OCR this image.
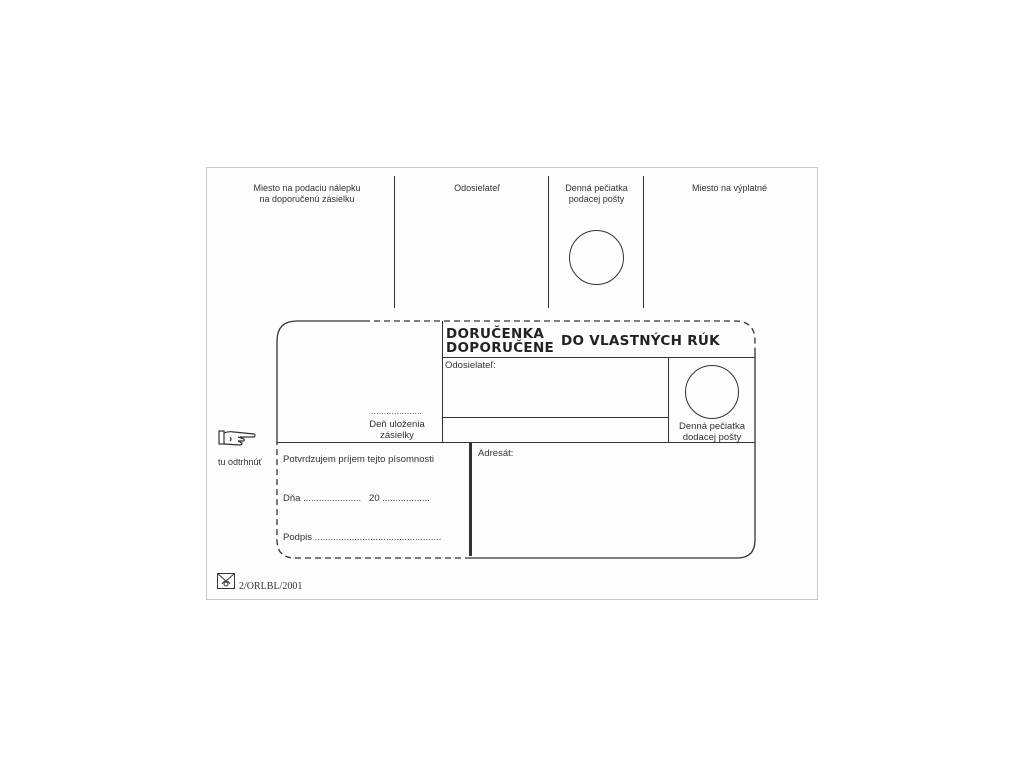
Miesto na podaciu nálepku
na doporučenú zásielku
Odosielateľ	Denná pečiatka
podacej pošty
Miesto na výplatné
DORUČENKA
DOPORUČENE DO VLASTNÝCH RÚK
Odosielateľ:
Denná pečiatka
dodacej pošty
....................
Deň uloženia
zásielky
Potvrdzujem príjem tejto písomnosti
Dňa ......................   20 ..................
Podpis ................................................
Adresát:
tu odtrhnúť
2/ORLBL/2001
